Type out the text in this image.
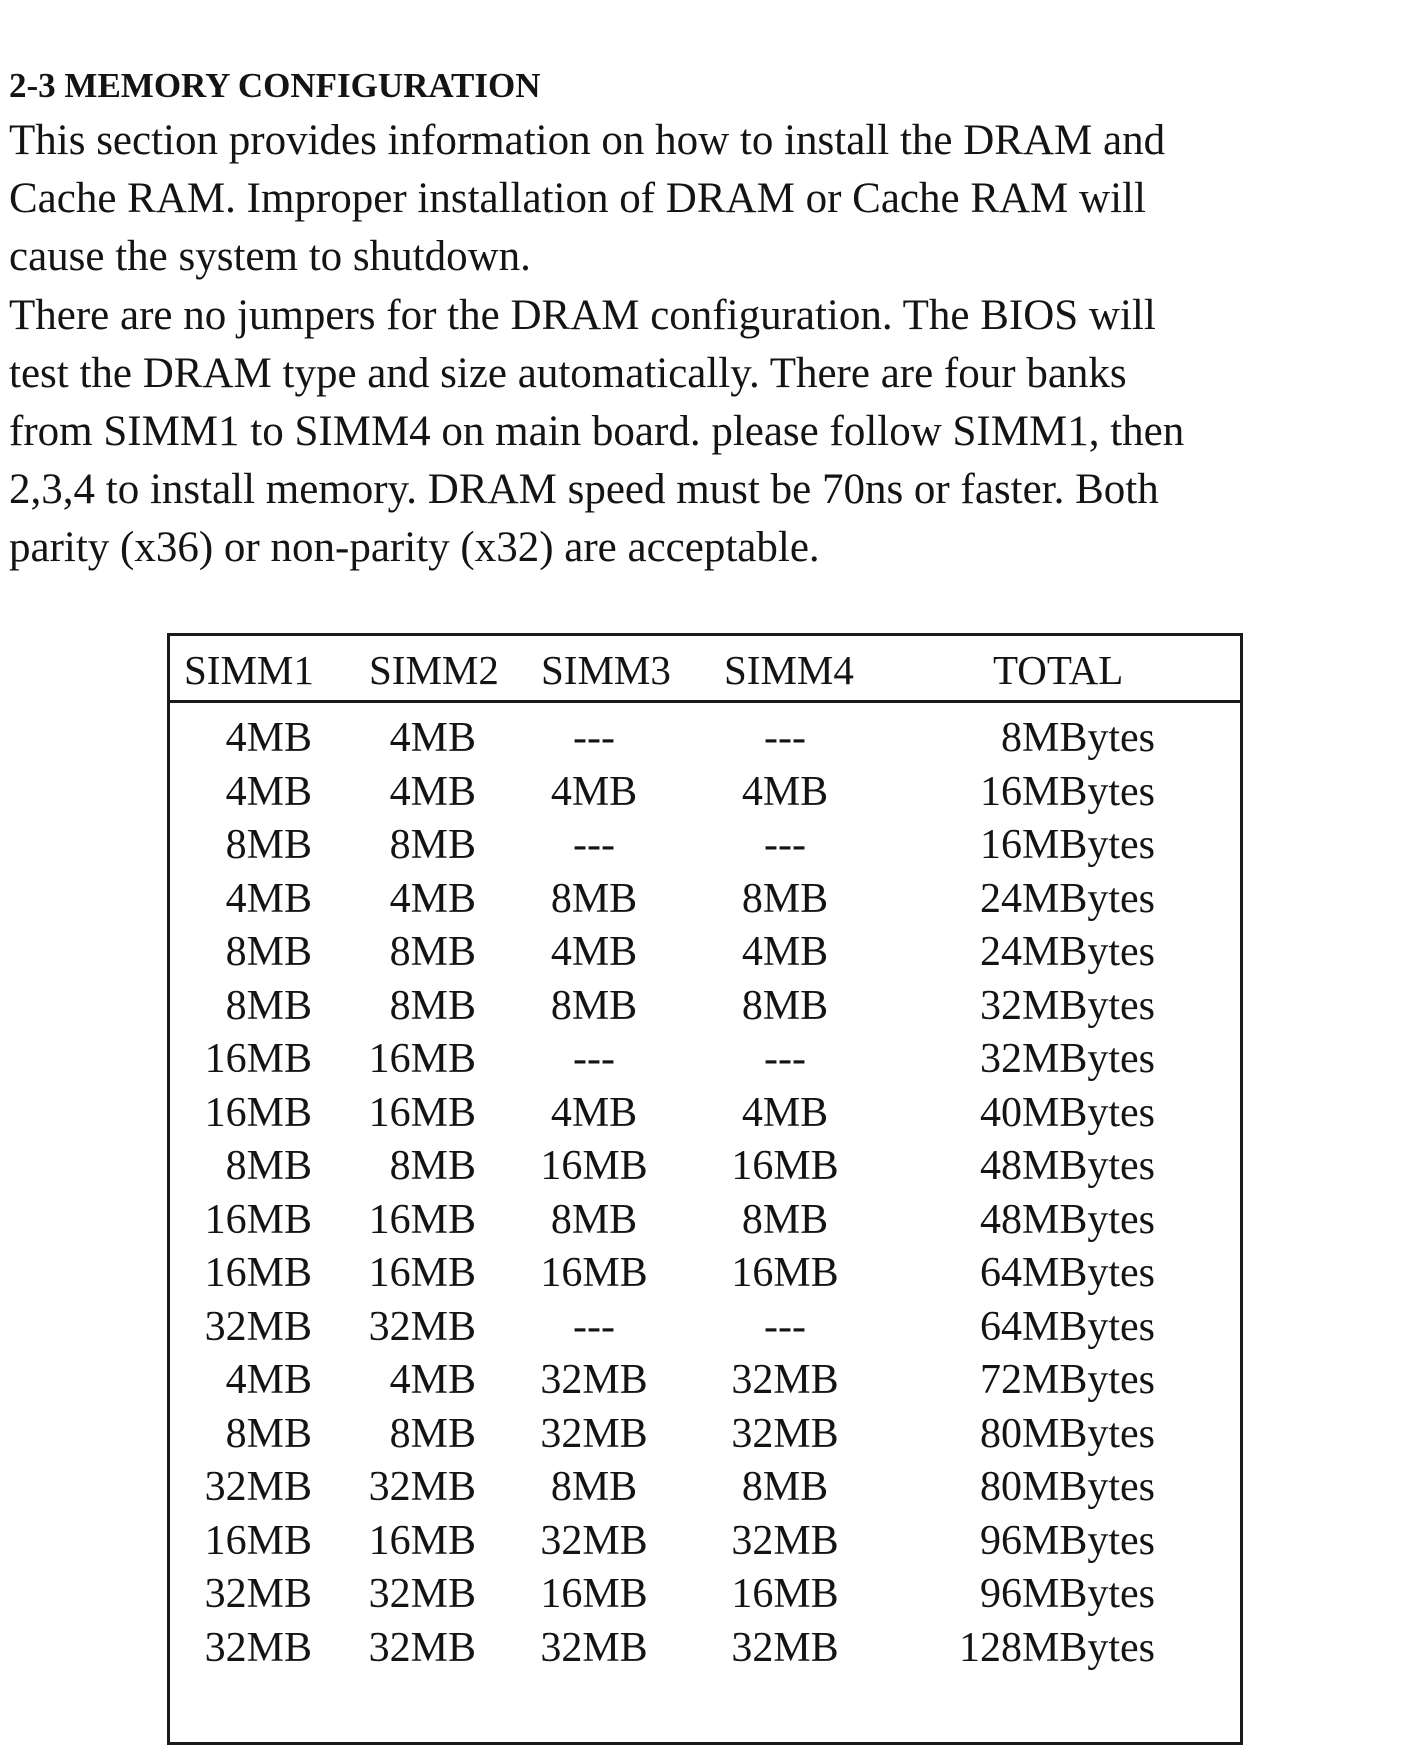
2-3 MEMORY CONFIGURATION

This section provides information on how to install the DRAM and
Cache RAM. Improper installation of DRAM or Cache RAM will
cause the system to shutdown.

There are no jumpers for the DRAM configuration. The BIOS will
test the DRAM type and size automatically. There are four banks
from SIMM1 to SIMM4 on main board. please follow SIMM1, then
2,3,4 to install memory. DRAM speed must be 70ns or faster. Both
parity (x36) or non-parity (x32) are acceptable.

SIMM1 SIMM2 SIMM3 SIMM4	TOTAL
4MB	4MB	---	---	8MBytes
4MB	4MB	4MB	4MB	16MBytes
8MB	8MB	---	---	16MBytes
4MB	4MB	8MB	8MB	24MBytes
8MB	8MB	4MB	4MB	24MBytes
8MB	8MB	8MB	8MB	32MBytes
16MB	16MB	---	---	32MBytes
16MB	16MB	4MB	4MB	40MBytes
8MB	8MB	16MB	16MB	48MBytes
16MB	16MB	8MB	8MB	48MBytes
16MB	16MB	16MB	16MB	64MBytes
32MB	32MB	---	---	64MBytes
4MB	4MB	32MB	32MB	72MBytes
8MB	8MB	32MB	32MB	80MBytes
32MB	32MB	8MB	8MB	80MBytes
16MB	16MB	32MB	32MB	96MBytes
32MB	32MB	16MB	16MB	96MBytes
32MB	32MB	32MB	32MB	128MBytes
